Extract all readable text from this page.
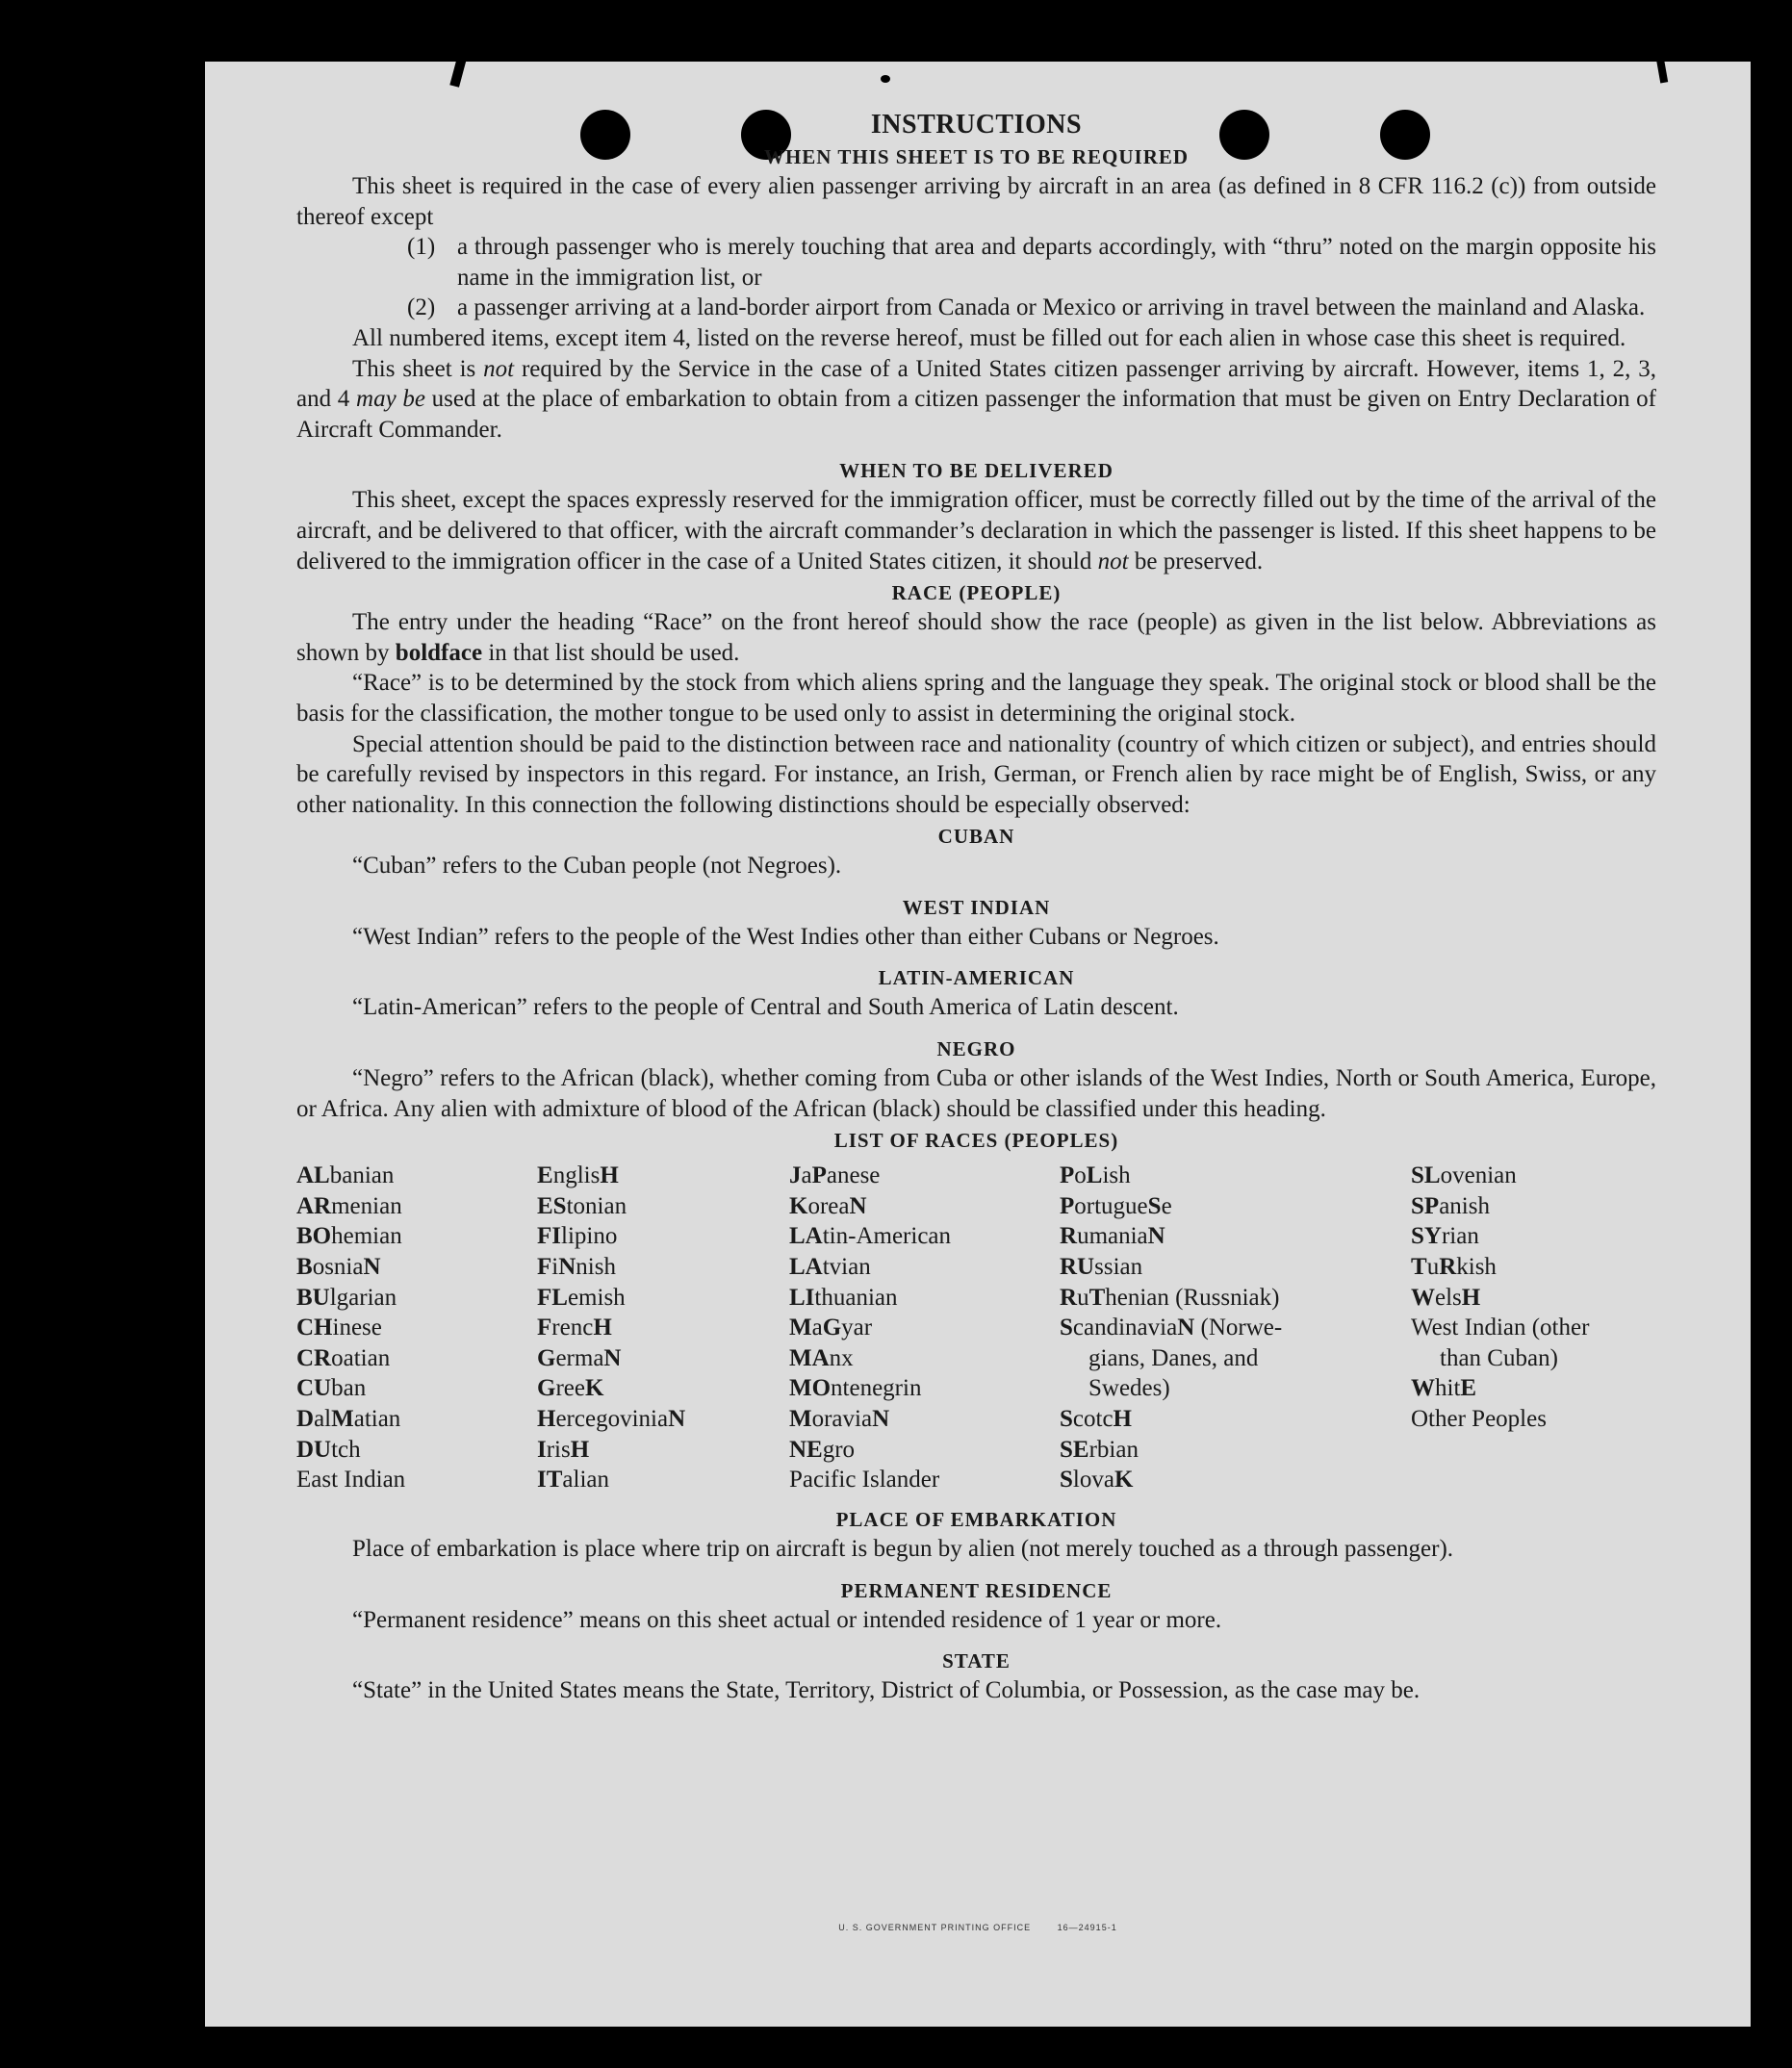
INSTRUCTIONS
WHEN THIS SHEET IS TO BE REQUIRED

This sheet is required in the case of every alien passenger arriving by aircraft in an area (as defined in 8 CFR 116.2 (c)) from outside thereof except

(1) a through passenger who is merely touching that area and departs accordingly, with “thru” noted on the margin opposite his name in the immigration list, or
(2) a passenger arriving at a land-border airport from Canada or Mexico or arriving in travel between the mainland and Alaska.

All numbered items, except item 4, listed on the reverse hereof, must be filled out for each alien in whose case this sheet is required.

This sheet is not required by the Service in the case of a United States citizen passenger arriving by aircraft. However, items 1, 2, 3, and 4 may be used at the place of embarkation to obtain from a citizen passenger the information that must be given on Entry Declaration of Aircraft Commander.

WHEN TO BE DELIVERED

This sheet, except the spaces expressly reserved for the immigration officer, must be correctly filled out by the time of the arrival of the aircraft, and be delivered to that officer, with the aircraft commander’s declaration in which the passenger is listed. If this sheet happens to be delivered to the immigration officer in the case of a United States citizen, it should not be preserved.

RACE (PEOPLE)

The entry under the heading “Race” on the front hereof should show the race (people) as given in the list below. Abbreviations as shown by boldface in that list should be used.

“Race” is to be determined by the stock from which aliens spring and the language they speak. The original stock or blood shall be the basis for the classification, the mother tongue to be used only to assist in determining the original stock.

Special attention should be paid to the distinction between race and nationality (country of which citizen or subject), and entries should be carefully revised by inspectors in this regard. For instance, an Irish, German, or French alien by race might be of English, Swiss, or any other nationality. In this connection the following distinctions should be especially observed:

CUBAN

“Cuban” refers to the Cuban people (not Negroes).

WEST INDIAN

“West Indian” refers to the people of the West Indies other than either Cubans or Negroes.

LATIN-AMERICAN

“Latin-American” refers to the people of Central and South America of Latin descent.

NEGRO

“Negro” refers to the African (black), whether coming from Cuba or other islands of the West Indies, North or South America, Europe, or Africa. Any alien with admixture of blood of the African (black) should be classified under this heading.

LIST OF RACES (PEOPLES)
ALbanian
ARmenian
BOhemian
BosniaN
BUlgarian
CHinese
CRoatian
CUban
DalMatian
DUtch
East Indian
EnglisH
EStonian
FIlipino
FiNnish
FLemish
FrencH
GermaN
GreeK
HercegoviniaN
IrisH
ITalian
JaPanese
KoreaN
LAtin-American
LAtvian
LIthuanian
MaGyar
MAnx
MOntenegrin
MoraviaN
NEgro
Pacific Islander
PoLish
PortugueSe
RumaniaN
RUssian
RuThenian (Russniak)
ScandinaviaN (Norwe-
gians, Danes, and
Swedes)
ScotcH
SErbian
SlovaK
SLovenian
SPanish
SYrian
TuRkish
WelsH
West Indian (other
than Cuban)
WhitE
Other Peoples
PLACE OF EMBARKATION

Place of embarkation is place where trip on aircraft is begun by alien (not merely touched as a through passenger).

PERMANENT RESIDENCE

“Permanent residence” means on this sheet actual or intended residence of 1 year or more.

STATE

“State” in the United States means the State, Territory, District of Columbia, or Possession, as the case may be.

U. S. GOVERNMENT PRINTING OFFICE	16—24915-1
